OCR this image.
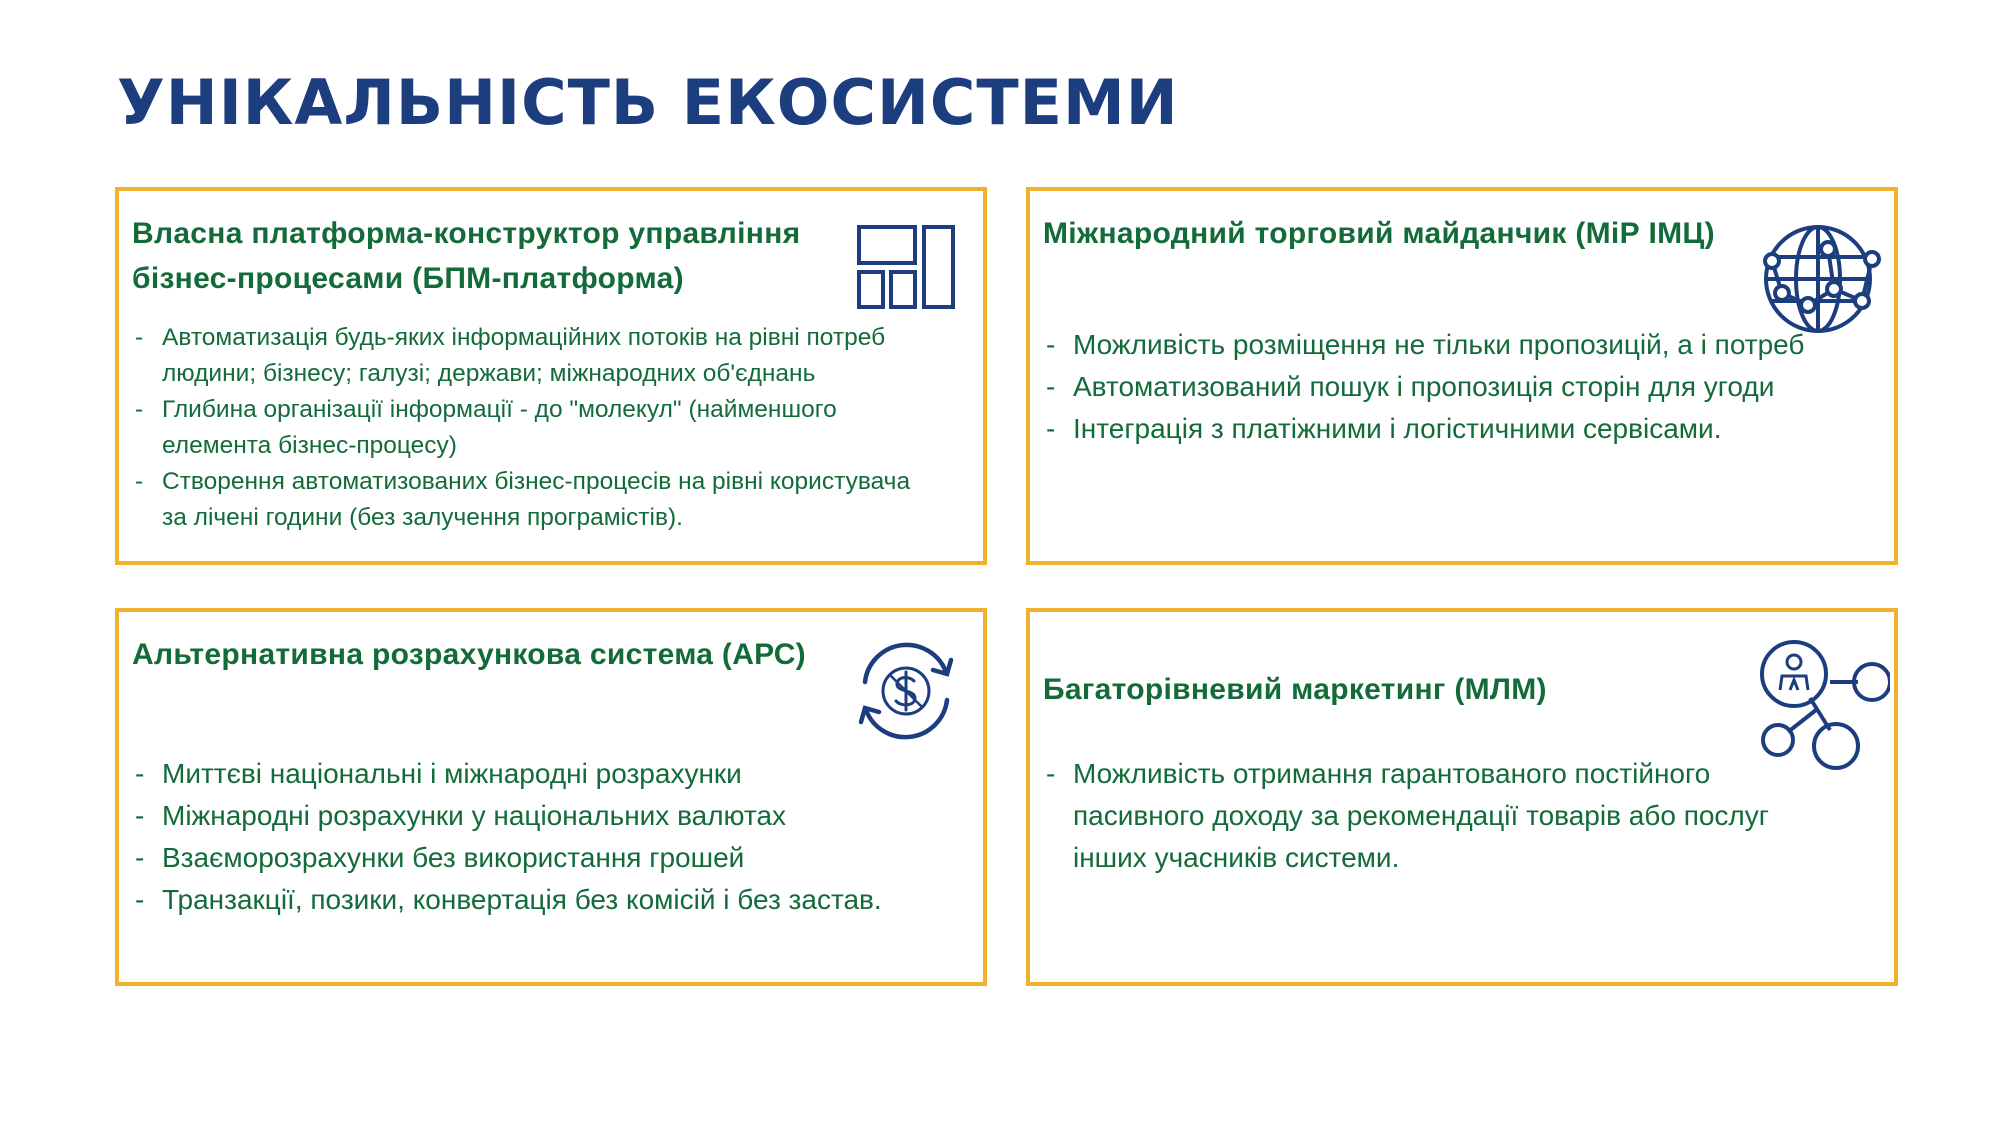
УНІКАЛЬНІСТЬ ЕКОСИСТЕМИ
Власна платформа-конструктор управління бізнес-процесами (БПМ-платформа)
- Автоматизація будь-яких інформаційних потоків на рівні потреб людини; бізнесу; галузі; держави; міжнародних об'єднань
- Глибина організації інформації - до "молекул" (найменшого елемента бізнес-процесу)
- Створення автоматизованих бізнес-процесів на рівні користувача за лічені години (без залучення програмістів).
Міжнародний торговий майданчик (МіР ІМЦ)
- Можливість розміщення не тільки пропозицій, а і потреб
- Автоматизований пошук і пропозиція сторін для угоди
- Інтеграція з платіжними і логістичними сервісами.
Альтернативна розрахункова система (АРС)
- Миттєві національні і міжнародні розрахунки
- Міжнародні розрахунки у національних валютах
- Взаєморозрахунки без використання грошей
- Транзакції, позики, конвертація без комісій і без застав.
Багаторівневий маркетинг (МЛМ)
- Можливість отримання гарантованого постійного пасивного доходу за рекомендації товарів або послуг інших учасників системи.
